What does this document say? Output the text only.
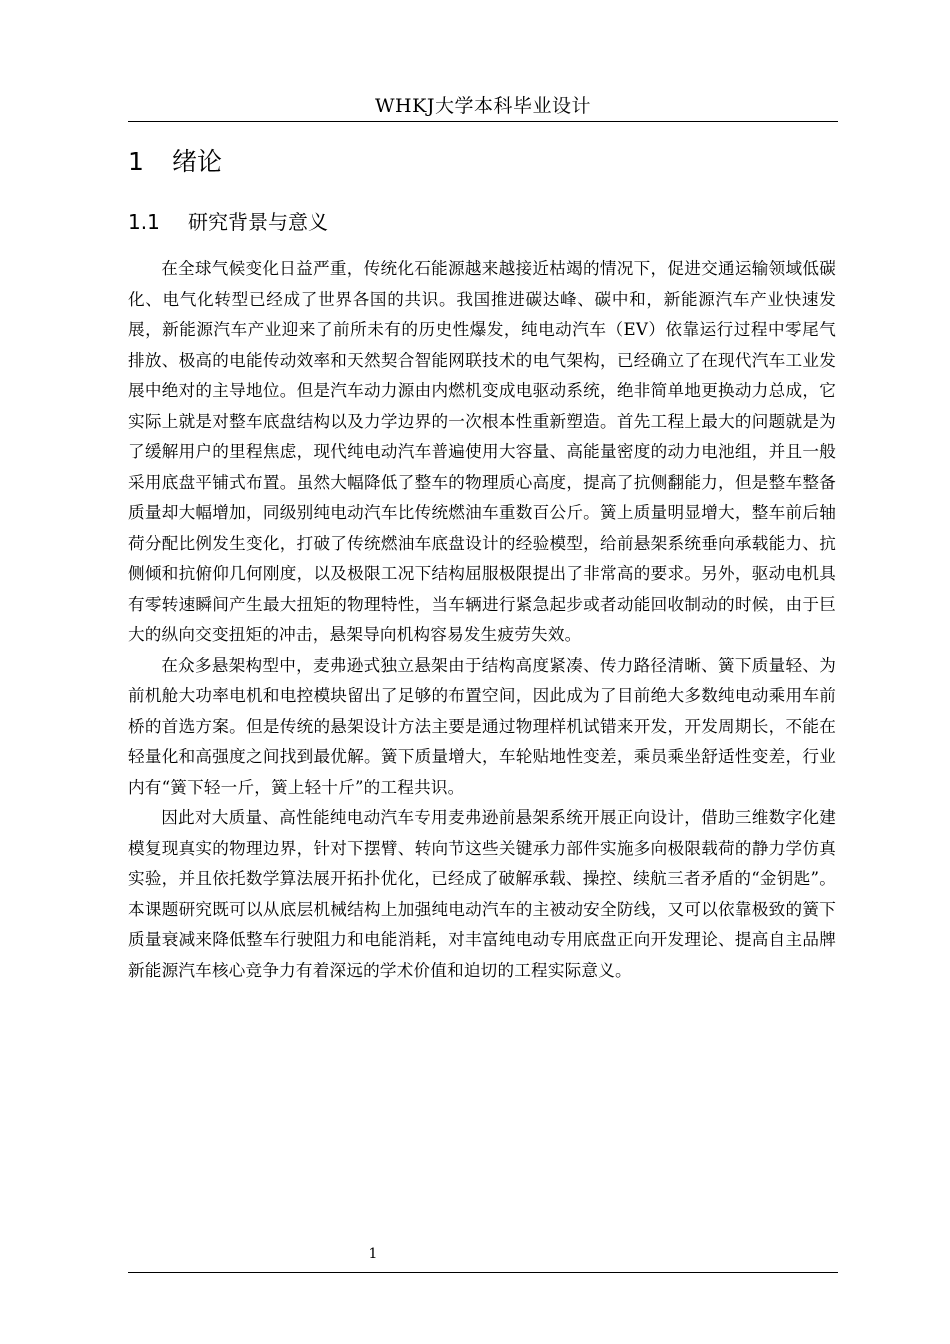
WHKJ大学本科毕业设计
1 绪论
1.1 研究背景与意义

在全球气候变化日益严重，传统化石能源越来越接近枯竭的情况下，促进交通运输领域低碳化、电气化转型已经成了世界各国的共识。我国推进碳达峰、碳中和，新能源汽车产业快速发展，新能源汽车产业迎来了前所未有的历史性爆发，纯电动汽车（EV）依靠运行过程中零尾气排放、极高的电能传动效率和天然契合智能网联技术的电气架构，已经确立了在现代汽车工业发展中绝对的主导地位。但是汽车动力源由内燃机变成电驱动系统，绝非简单地更换动力总成，它实际上就是对整车底盘结构以及力学边界的一次根本性重新塑造。首先工程上最大的问题就是为了缓解用户的里程焦虑，现代纯电动汽车普遍使用大容量、高能量密度的动力电池组，并且一般采用底盘平铺式布置。虽然大幅降低了整车的物理质心高度，提高了抗侧翻能力，但是整车整备质量却大幅增加，同级别纯电动汽车比传统燃油车重数百公斤。簧上质量明显增大，整车前后轴荷分配比例发生变化，打破了传统燃油车底盘设计的经验模型，给前悬架系统垂向承载能力、抗侧倾和抗俯仰几何刚度，以及极限工况下结构屈服极限提出了非常高的要求。另外，驱动电机具有零转速瞬间产生最大扭矩的物理特性，当车辆进行紧急起步或者动能回收制动的时候，由于巨大的纵向交变扭矩的冲击，悬架导向机构容易发生疲劳失效。

在众多悬架构型中，麦弗逊式独立悬架由于结构高度紧凑、传力路径清晰、簧下质量轻、为前机舱大功率电机和电控模块留出了足够的布置空间，因此成为了目前绝大多数纯电动乘用车前桥的首选方案。但是传统的悬架设计方法主要是通过物理样机试错来开发，开发周期长，不能在轻量化和高强度之间找到最优解。簧下质量增大，车轮贴地性变差，乘员乘坐舒适性变差，行业内有“簧下轻一斤，簧上轻十斤”的工程共识。

因此对大质量、高性能纯电动汽车专用麦弗逊前悬架系统开展正向设计，借助三维数字化建模复现真实的物理边界，针对下摆臂、转向节这些关键承力部件实施多向极限载荷的静力学仿真实验，并且依托数学算法展开拓扑优化，已经成了破解承载、操控、续航三者矛盾的“金钥匙”。本课题研究既可以从底层机械结构上加强纯电动汽车的主被动安全防线，又可以依靠极致的簧下质量衰减来降低整车行驶阻力和电能消耗，对丰富纯电动专用底盘正向开发理论、提高自主品牌新能源汽车核心竞争力有着深远的学术价值和迫切的工程实际意义。

1
